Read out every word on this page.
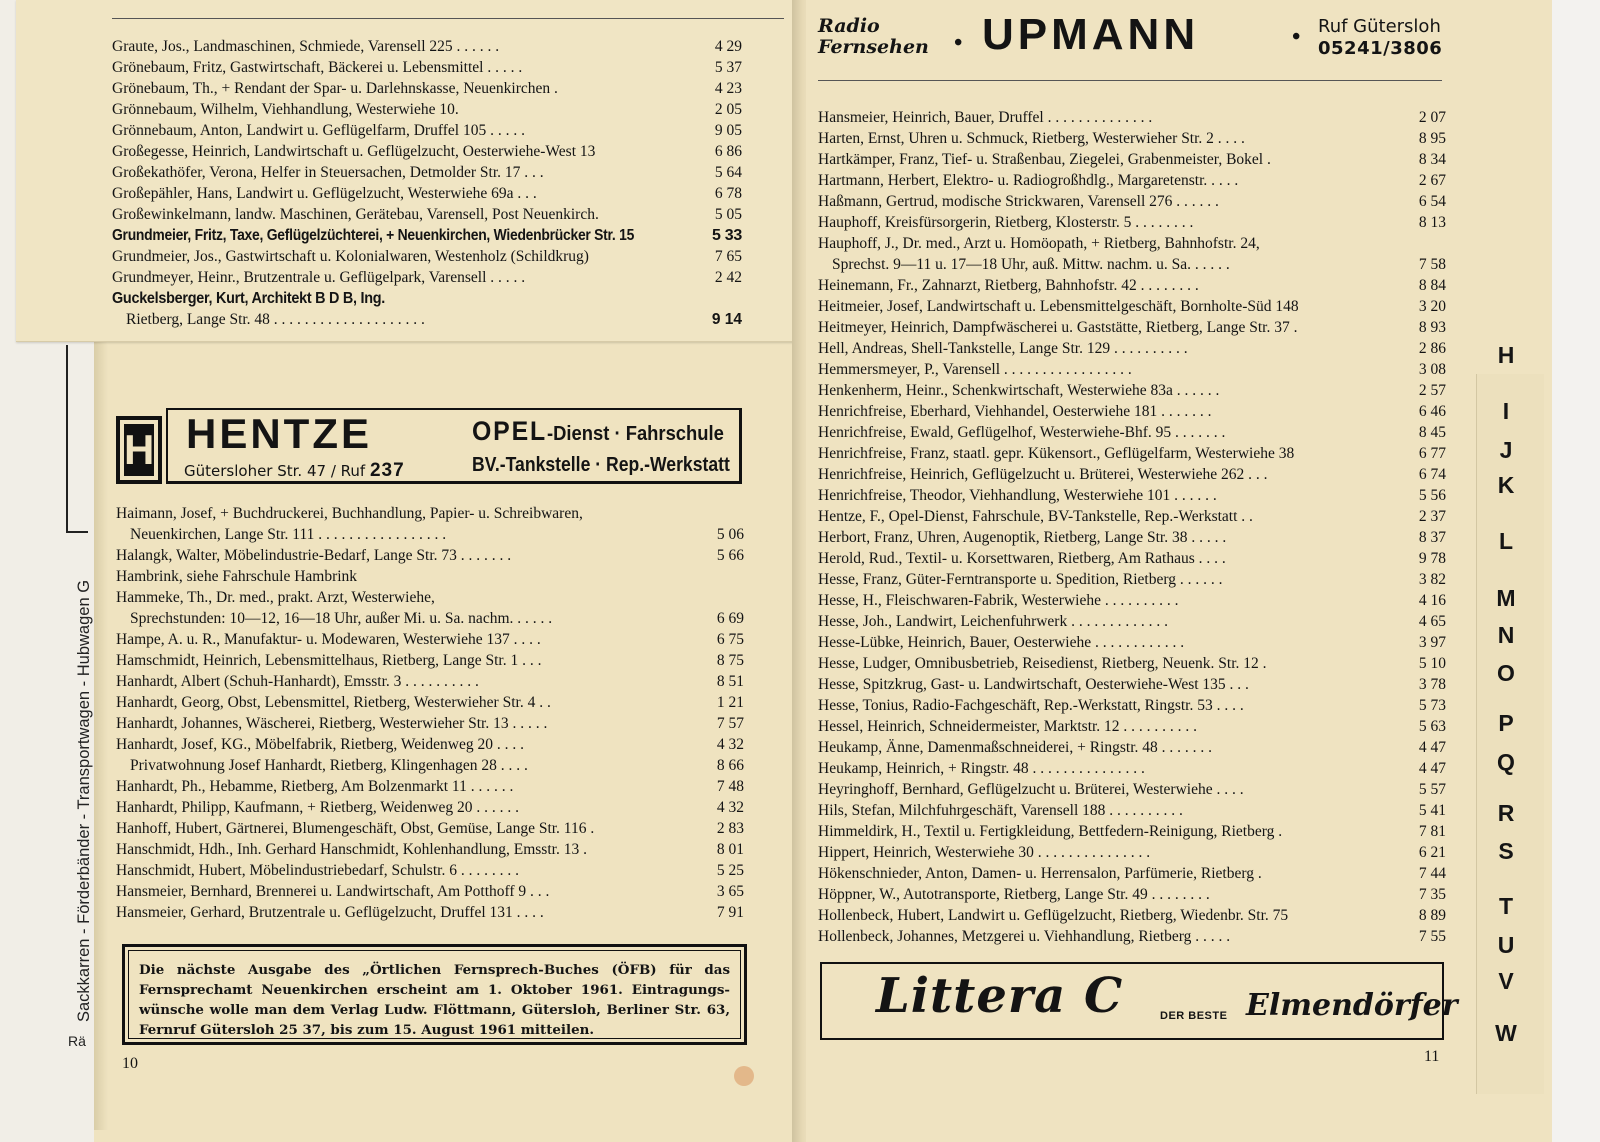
Sackkarren - Förderbänder - Transportwagen - Hubwagen G
Rä
Graute, Jos., Landmaschinen, Schmiede, Varensell 225 . . . . . .	4 29
Grönebaum, Fritz, Gastwirtschaft, Bäckerei u. Lebensmittel . . . . .	5 37
Grönebaum, Th., + Rendant der Spar- u. Darlehnskasse, Neuenkirchen .	4 23
Grönnebaum, Wilhelm, Viehhandlung, Westerwiehe 10.	2 05
Grönnebaum, Anton, Landwirt u. Geflügelfarm, Druffel 105 . . . . .	9 05
Großegesse, Heinrich, Landwirtschaft u. Geflügelzucht, Oesterwiehe-West 13	6 86
Großekathöfer, Verona, Helfer in Steuersachen, Detmolder Str. 17 . . .	5 64
Großepähler, Hans, Landwirt u. Geflügelzucht, Westerwiehe 69a . . .	6 78
Großewinkelmann, landw. Maschinen, Gerätebau, Varensell, Post Neuenkirch.	5 05
Grundmeier, Fritz, Taxe, Geflügelzüchterei, + Neuenkirchen, Wiedenbrücker Str. 15	5 33
Grundmeier, Jos., Gastwirtschaft u. Kolonialwaren, Westenholz (Schildkrug)	7 65
Grundmeyer, Heinr., Brutzentrale u. Geflügelpark, Varensell . . . . .	2 42
Guckelsberger, Kurt, Architekt B D B, Ing.
Rietberg, Lange Str. 48 . . . . . . . . . . . . . . . . . . . .	9 14
H HENTZE
Gütersloher Str. 47 / Ruf 237
OPEL-Dienst · Fahrschule
BV.-Tankstelle · Rep.-Werkstatt
Haimann, Josef, + Buchdruckerei, Buchhandlung, Papier- u. Schreibwaren,
Neuenkirchen, Lange Str. 111 . . . . . . . . . . . . . . . . .	5 06
Halangk, Walter, Möbelindustrie-Bedarf, Lange Str. 73 . . . . . . .	5 66
Hambrink, siehe Fahrschule Hambrink
Hammeke, Th., Dr. med., prakt. Arzt, Westerwiehe,
Sprechstunden: 10—12, 16—18 Uhr, außer Mi. u. Sa. nachm. . . . . .	6 69
Hampe, A. u. R., Manufaktur- u. Modewaren, Westerwiehe 137 . . . .	6 75
Hamschmidt, Heinrich, Lebensmittelhaus, Rietberg, Lange Str. 1 . . .	8 75
Hanhardt, Albert (Schuh-Hanhardt), Emsstr. 3 . . . . . . . . . .	8 51
Hanhardt, Georg, Obst, Lebensmittel, Rietberg, Westerwieher Str. 4 . .	1 21
Hanhardt, Johannes, Wäscherei, Rietberg, Westerwieher Str. 13 . . . . .	7 57
Hanhardt, Josef, KG., Möbelfabrik, Rietberg, Weidenweg 20 . . . .	4 32
Privatwohnung Josef Hanhardt, Rietberg, Klingenhagen 28 . . . .	8 66
Hanhardt, Ph., Hebamme, Rietberg, Am Bolzenmarkt 11 . . . . . .	7 48
Hanhardt, Philipp, Kaufmann, + Rietberg, Weidenweg 20 . . . . . .	4 32
Hanhoff, Hubert, Gärtnerei, Blumengeschäft, Obst, Gemüse, Lange Str. 116 .	2 83
Hanschmidt, Hdh., Inh. Gerhard Hanschmidt, Kohlenhandlung, Emsstr. 13 .	8 01
Hanschmidt, Hubert, Möbelindustriebedarf, Schulstr. 6 . . . . . . . .	5 25
Hansmeier, Bernhard, Brennerei u. Landwirtschaft, Am Potthoff 9 . . .	3 65
Hansmeier, Gerhard, Brutzentrale u. Geflügelzucht, Druffel 131 . . . .	7 91
Die nächste Ausgabe des „Örtlichen Fernsprech-Buches (ÖFB) für das Fernsprechamt Neuenkirchen erscheint am 1. Oktober 1961. Eintragungs-wünsche wolle man dem Verlag Ludw. Flöttmann, Gütersloh, Berliner Str. 63, Fernruf Gütersloh 25 37, bis zum 15. August 1961 mitteilen.
10
Radio
Fernsehen • UPMANN	• Ruf Gütersloh
05241/3806
Hansmeier, Heinrich, Bauer, Druffel . . . . . . . . . . . . . .	2 07
Harten, Ernst, Uhren u. Schmuck, Rietberg, Westerwieher Str. 2 . . . .	8 95
Hartkämper, Franz, Tief- u. Straßenbau, Ziegelei, Grabenmeister, Bokel .	8 34
Hartmann, Herbert, Elektro- u. Radiogroßhdlg., Margaretenstr. . . . .	2 67
Haßmann, Gertrud, modische Strickwaren, Varensell 276 . . . . . .	6 54
Hauphoff, Kreisfürsorgerin, Rietberg, Klosterstr. 5 . . . . . . . .	8 13
Hauphoff, J., Dr. med., Arzt u. Homöopath, + Rietberg, Bahnhofstr. 24,
Sprechst. 9—11 u. 17—18 Uhr, auß. Mittw. nachm. u. Sa. . . . . .	7 58
Heinemann, Fr., Zahnarzt, Rietberg, Bahnhofstr. 42 . . . . . . . .	8 84
Heitmeier, Josef, Landwirtschaft u. Lebensmittelgeschäft, Bornholte-Süd 148	3 20
Heitmeyer, Heinrich, Dampfwäscherei u. Gaststätte, Rietberg, Lange Str. 37 .	8 93
Hell, Andreas, Shell-Tankstelle, Lange Str. 129 . . . . . . . . . .	2 86
Hemmersmeyer, P., Varensell . . . . . . . . . . . . . . . . .	3 08
Henkenherm, Heinr., Schenkwirtschaft, Westerwiehe 83a . . . . . .	2 57
Henrichfreise, Eberhard, Viehhandel, Oesterwiehe 181 . . . . . . .	6 46
Henrichfreise, Ewald, Geflügelhof, Westerwiehe-Bhf. 95 . . . . . . .	8 45
Henrichfreise, Franz, staatl. gepr. Kükensort., Geflügelfarm, Westerwiehe 38	6 77
Henrichfreise, Heinrich, Geflügelzucht u. Brüterei, Westerwiehe 262 . . .	6 74
Henrichfreise, Theodor, Viehhandlung, Westerwiehe 101 . . . . . .	5 56
Hentze, F., Opel-Dienst, Fahrschule, BV-Tankstelle, Rep.-Werkstatt . .	2 37
Herbort, Franz, Uhren, Augenoptik, Rietberg, Lange Str. 38 . . . . .	8 37
Herold, Rud., Textil- u. Korsettwaren, Rietberg, Am Rathaus . . . .	9 78
Hesse, Franz, Güter-Ferntransporte u. Spedition, Rietberg . . . . . .	3 82
Hesse, H., Fleischwaren-Fabrik, Westerwiehe . . . . . . . . . .	4 16
Hesse, Joh., Landwirt, Leichenfuhrwerk . . . . . . . . . . . . .	4 65
Hesse-Lübke, Heinrich, Bauer, Oesterwiehe . . . . . . . . . . . .	3 97
Hesse, Ludger, Omnibusbetrieb, Reisedienst, Rietberg, Neuenk. Str. 12 .	5 10
Hesse, Spitzkrug, Gast- u. Landwirtschaft, Oesterwiehe-West 135 . . .	3 78
Hesse, Tonius, Radio-Fachgeschäft, Rep.-Werkstatt, Ringstr. 53 . . . .	5 73
Hessel, Heinrich, Schneidermeister, Marktstr. 12 . . . . . . . . . .	5 63
Heukamp, Änne, Damenmaßschneiderei, + Ringstr. 48 . . . . . . .	4 47
Heukamp, Heinrich, + Ringstr. 48 . . . . . . . . . . . . . . .	4 47
Heyringhoff, Bernhard, Geflügelzucht u. Brüterei, Westerwiehe . . . .	5 57
Hils, Stefan, Milchfuhrgeschäft, Varensell 188 . . . . . . . . . .	5 41
Himmeldirk, H., Textil u. Fertigkleidung, Bettfedern-Reinigung, Rietberg .	7 81
Hippert, Heinrich, Westerwiehe 30 . . . . . . . . . . . . . . .	6 21
Hökenschnieder, Anton, Damen- u. Herrensalon, Parfümerie, Rietberg .	7 44
Höppner, W., Autotransporte, Rietberg, Lange Str. 49 . . . . . . . .	7 35
Hollenbeck, Hubert, Landwirt u. Geflügelzucht, Rietberg, Wiedenbr. Str. 75	8 89
Hollenbeck, Johannes, Metzgerei u. Viehhandlung, Rietberg . . . . .	7 55
Littera C	DER BESTE Elmendörfer
11
H
I
J
K
L
M
N
O
P
Q
R
S
T
U
V
W
